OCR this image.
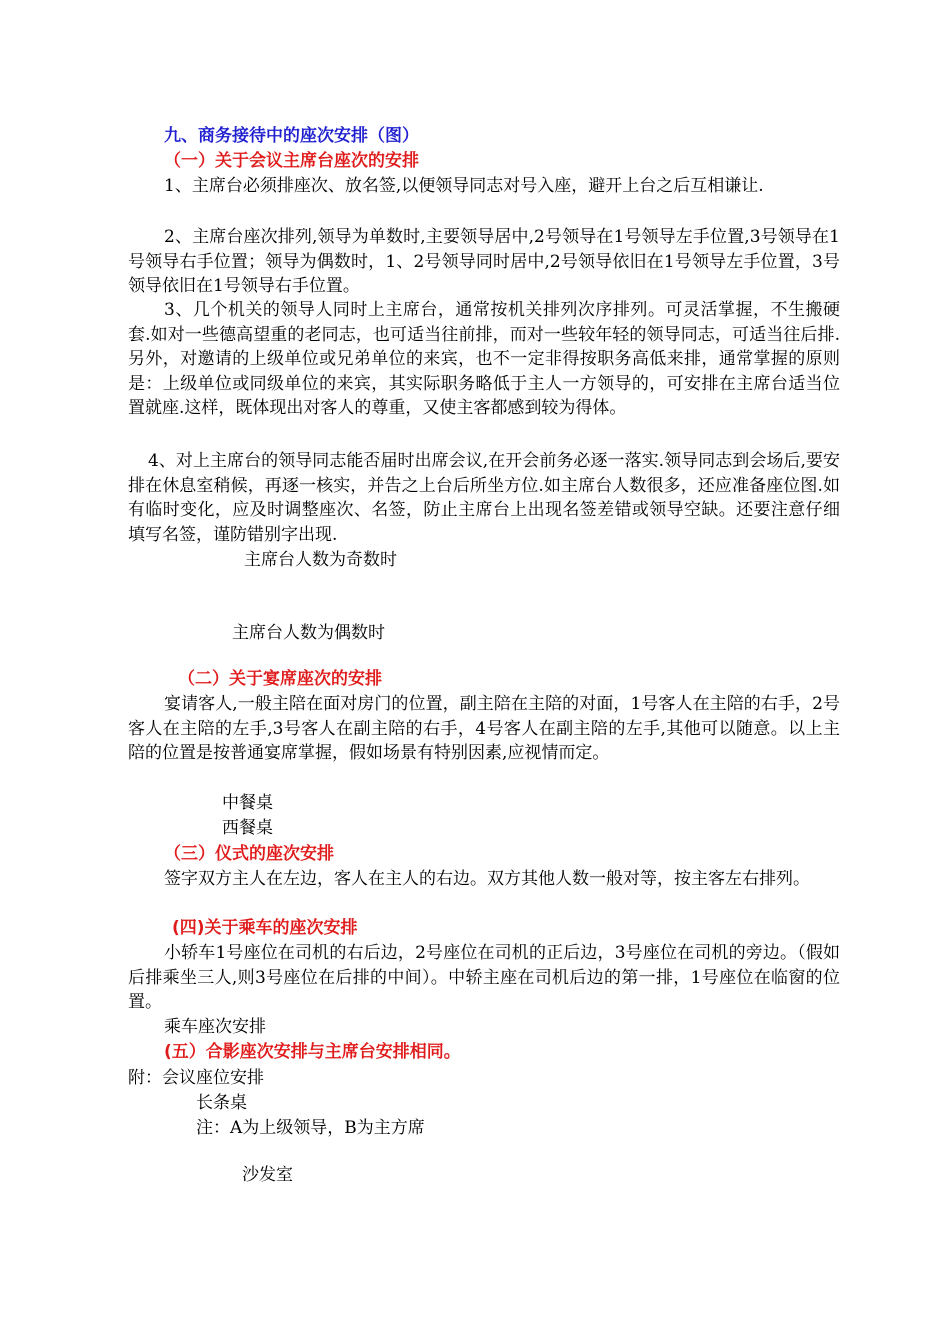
九、商务接待中的座次安排（图）
（一）关于会议主席台座次的安排
1、主席台必须排座次、放名签,以便领导同志对号入座，避开上台之后互相谦让.
2、主席台座次排列,领导为单数时,主要领导居中,2号领导在1号领导左手位置,3号领导在1号领导右手位置；领导为偶数时，1、2号领导同时居中,2号领导依旧在1号领导左手位置，3号领导依旧在1号领导右手位置。
3、几个机关的领导人同时上主席台，通常按机关排列次序排列。可灵活掌握，不生搬硬套.如对一些德高望重的老同志，也可适当往前排，而对一些较年轻的领导同志，可适当往后排.另外，对邀请的上级单位或兄弟单位的来宾，也不一定非得按职务高低来排，通常掌握的原则是：上级单位或同级单位的来宾，其实际职务略低于主人一方领导的，可安排在主席台适当位置就座.这样，既体现出对客人的尊重，又使主客都感到较为得体。
4、对上主席台的领导同志能否届时出席会议,在开会前务必逐一落实.领导同志到会场后,要安排在休息室稍候，再逐一核实，并告之上台后所坐方位.如主席台人数很多，还应准备座位图.如有临时变化，应及时调整座次、名签，防止主席台上出现名签差错或领导空缺。还要注意仔细填写名签，谨防错别字出现.
主席台人数为奇数时
主席台人数为偶数时
（二）关于宴席座次的安排
宴请客人,一般主陪在面对房门的位置，副主陪在主陪的对面，1号客人在主陪的右手，2号客人在主陪的左手,3号客人在副主陪的右手，4号客人在副主陪的左手,其他可以随意。以上主陪的位置是按普通宴席掌握，假如场景有特别因素,应视情而定。
中餐桌
西餐桌
（三）仪式的座次安排
签字双方主人在左边，客人在主人的右边。双方其他人数一般对等，按主客左右排列。
(四)关于乘车的座次安排
小轿车1号座位在司机的右后边，2号座位在司机的正后边，3号座位在司机的旁边。（假如后排乘坐三人,则3号座位在后排的中间）。中轿主座在司机后边的第一排，1号座位在临窗的位置。
乘车座次安排
(五）合影座次安排与主席台安排相同。
附：会议座位安排
长条桌
注：A为上级领导，B为主方席
沙发室
